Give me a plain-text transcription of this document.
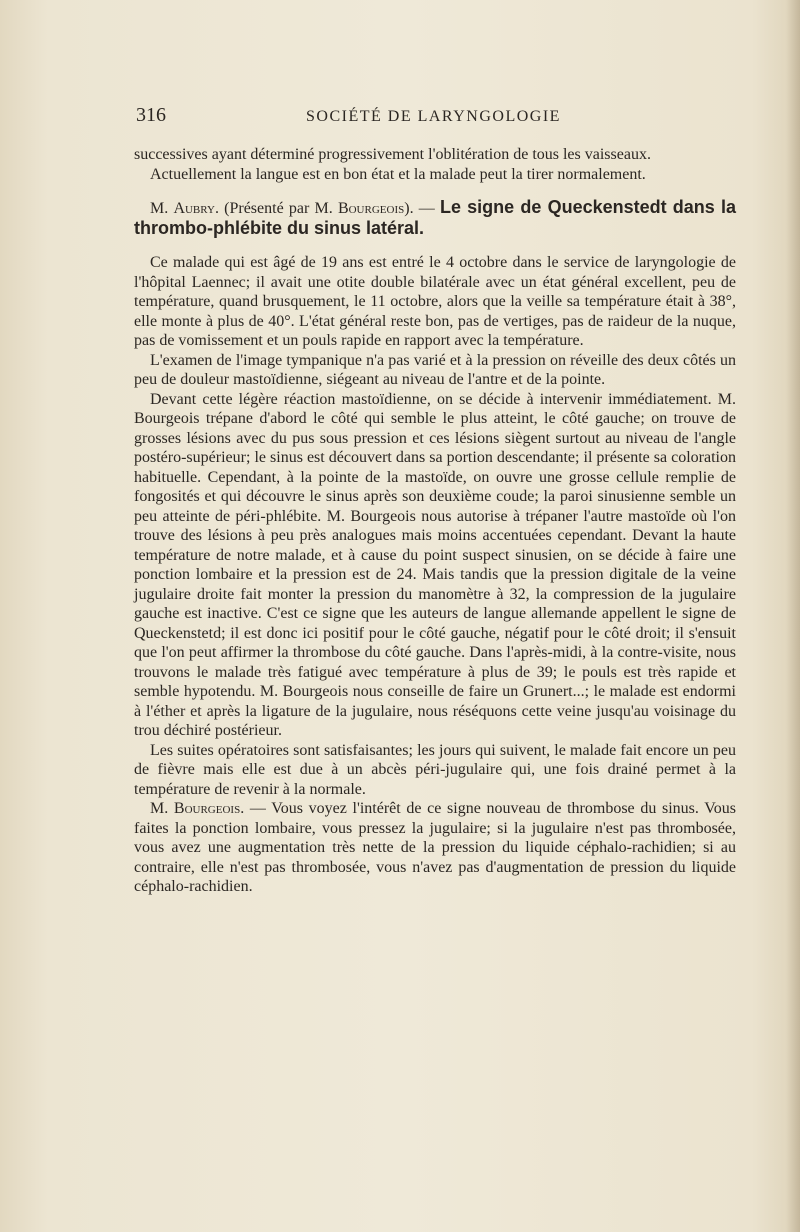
316	SOCIÉTÉ DE LARYNGOLOGIE

successives ayant déterminé progressivement l'oblitération de tous les vaisseaux.

Actuellement la langue est en bon état et la malade peut la tirer normalement.

M. Aubry. (Présenté par M. Bourgeois). — Le signe de Queckenstedt dans la thrombo-phlébite du sinus latéral.

Ce malade qui est âgé de 19 ans est entré le 4 octobre dans le service de laryngologie de l'hôpital Laennec; il avait une otite double bilatérale avec un état général excellent, peu de température, quand brusquement, le 11 octobre, alors que la veille sa température était à 38°, elle monte à plus de 40°. L'état général reste bon, pas de vertiges, pas de raideur de la nuque, pas de vomissement et un pouls rapide en rapport avec la température.

L'examen de l'image tympanique n'a pas varié et à la pression on réveille des deux côtés un peu de douleur mastoïdienne, siégeant au niveau de l'antre et de la pointe.

Devant cette légère réaction mastoïdienne, on se décide à intervenir immédiatement. M. Bourgeois trépane d'abord le côté qui semble le plus atteint, le côté gauche; on trouve de grosses lésions avec du pus sous pression et ces lésions siègent surtout au niveau de l'angle postéro-supérieur; le sinus est découvert dans sa portion descendante; il présente sa coloration habituelle. Cependant, à la pointe de la mastoïde, on ouvre une grosse cellule remplie de fongosités et qui découvre le sinus après son deuxième coude; la paroi sinusienne semble un peu atteinte de péri-phlébite. M. Bourgeois nous autorise à trépaner l'autre mastoïde où l'on trouve des lésions à peu près analogues mais moins accentuées cependant. Devant la haute température de notre malade, et à cause du point suspect sinusien, on se décide à faire une ponction lombaire et la pression est de 24. Mais tandis que la pression digitale de la veine jugulaire droite fait monter la pression du manomètre à 32, la compression de la jugulaire gauche est inactive. C'est ce signe que les auteurs de langue allemande appellent le signe de Queckenstetd; il est donc ici positif pour le côté gauche, négatif pour le côté droit; il s'ensuit que l'on peut affirmer la thrombose du côté gauche. Dans l'après-midi, à la contre-visite, nous trouvons le malade très fatigué avec température à plus de 39; le pouls est très rapide et semble hypotendu. M. Bourgeois nous conseille de faire un Grunert...; le malade est endormi à l'éther et après la ligature de la jugulaire, nous réséquons cette veine jusqu'au voisinage du trou déchiré postérieur.

Les suites opératoires sont satisfaisantes; les jours qui suivent, le malade fait encore un peu de fièvre mais elle est due à un abcès péri-jugulaire qui, une fois drainé permet à la température de revenir à la normale.

M. Bourgeois. — Vous voyez l'intérêt de ce signe nouveau de thrombose du sinus. Vous faites la ponction lombaire, vous pressez la jugulaire; si la jugulaire n'est pas thrombosée, vous avez une augmentation très nette de la pression du liquide céphalo-rachidien; si au contraire, elle n'est pas thrombosée, vous n'avez pas d'augmentation de pression du liquide céphalo-rachidien.
